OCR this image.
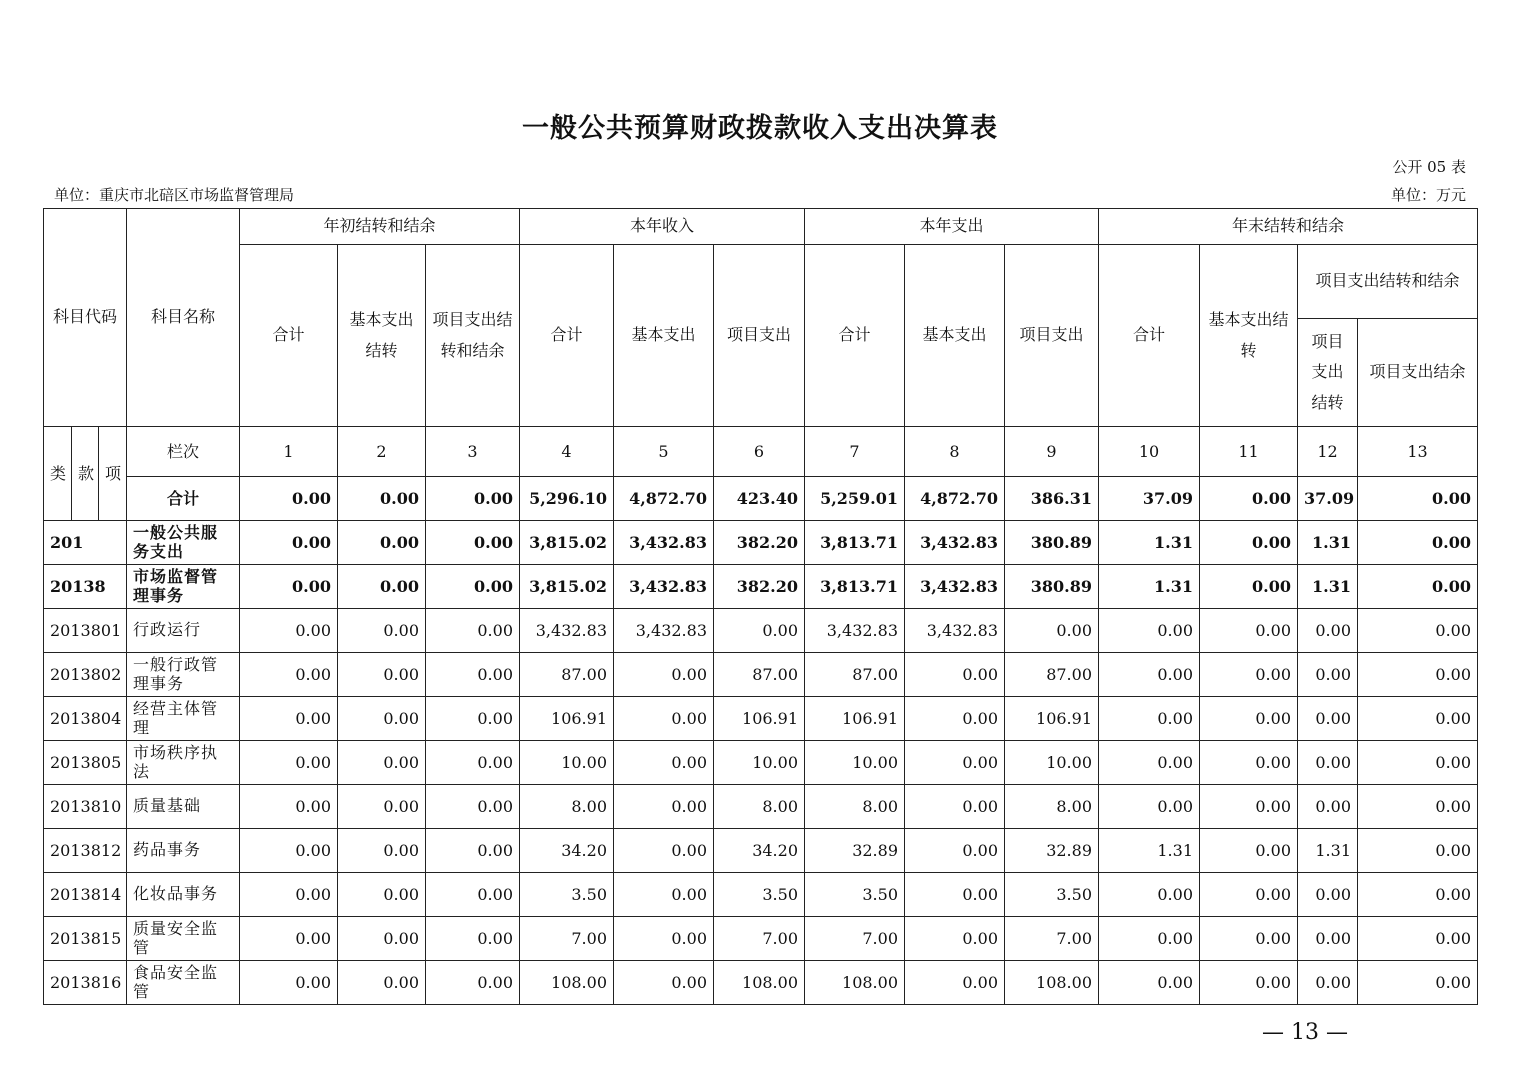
一般公共预算财政拨款收入支出决算表
公开 05 表
单位：重庆市北碚区市场监督管理局	单位：万元
科目代码			科目名称	年初结转和结余			本年收入			本年支出			年末结转和结余			
				合计	基本支出结转	项目支出结转和结余	合计	基本支出	项目支出	合计	基本支出	项目支出	合计	基本支出结转	项目支出结转和结余	
															项目支出结转	项目支出结余
类	款	项	栏次	1	2	3	4	5	6	7	8	9	10	11	12	13
			合计	0.00	0.00	0.00	5,296.10	4,872.70	423.40	5,259.01	4,872.70	386.31	37.09	0.00	37.09	0.00
201			一般公共服务支出	0.00	0.00	0.00	3,815.02	3,432.83	382.20	3,813.71	3,432.83	380.89	1.31	0.00	1.31	0.00
20138			市场监督管理事务	0.00	0.00	0.00	3,815.02	3,432.83	382.20	3,813.71	3,432.83	380.89	1.31	0.00	1.31	0.00
2013801			行政运行	0.00	0.00	0.00	3,432.83	3,432.83	0.00	3,432.83	3,432.83	0.00	0.00	0.00	0.00	0.00
2013802			一般行政管理事务	0.00	0.00	0.00	87.00	0.00	87.00	87.00	0.00	87.00	0.00	0.00	0.00	0.00
2013804			经营主体管理	0.00	0.00	0.00	106.91	0.00	106.91	106.91	0.00	106.91	0.00	0.00	0.00	0.00
2013805			市场秩序执法	0.00	0.00	0.00	10.00	0.00	10.00	10.00	0.00	10.00	0.00	0.00	0.00	0.00
2013810			质量基础	0.00	0.00	0.00	8.00	0.00	8.00	8.00	0.00	8.00	0.00	0.00	0.00	0.00
2013812			药品事务	0.00	0.00	0.00	34.20	0.00	34.20	32.89	0.00	32.89	1.31	0.00	1.31	0.00
2013814			化妆品事务	0.00	0.00	0.00	3.50	0.00	3.50	3.50	0.00	3.50	0.00	0.00	0.00	0.00
2013815			质量安全监管	0.00	0.00	0.00	7.00	0.00	7.00	7.00	0.00	7.00	0.00	0.00	0.00	0.00
2013816			食品安全监管	0.00	0.00	0.00	108.00	0.00	108.00	108.00	0.00	108.00	0.00	0.00	0.00	0.00
— 13 —
